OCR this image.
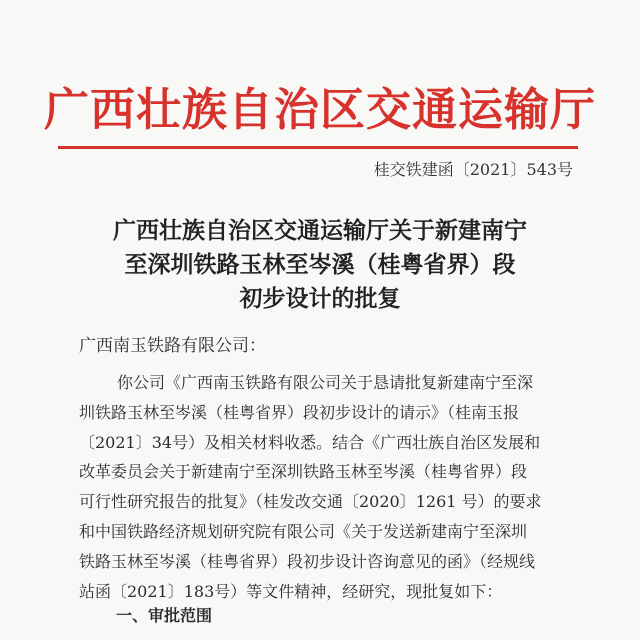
广西壮族自治区交通运输厅
桂交铁建函〔2021〕543号
广西壮族自治区交通运输厅关于新建南宁
至深圳铁路玉林至岑溪（桂粤省界）段
初步设计的批复
广西南玉铁路有限公司：
你公司《广西南玉铁路有限公司关于恳请批复新建南宁至深
圳铁路玉林至岑溪（桂粤省界）段初步设计的请示》（桂南玉报
〔2021〕34号）及相关材料收悉。结合《广西壮族自治区发展和
改革委员会关于新建南宁至深圳铁路玉林至岑溪（桂粤省界）段
可行性研究报告的批复》（桂发改交通〔2020〕1261 号）的要求
和中国铁路经济规划研究院有限公司《关于发送新建南宁至深圳
铁路玉林至岑溪（桂粤省界）段初步设计咨询意见的函》（经规线
站函〔2021〕183号）等文件精神，经研究，现批复如下：
一、审批范围
